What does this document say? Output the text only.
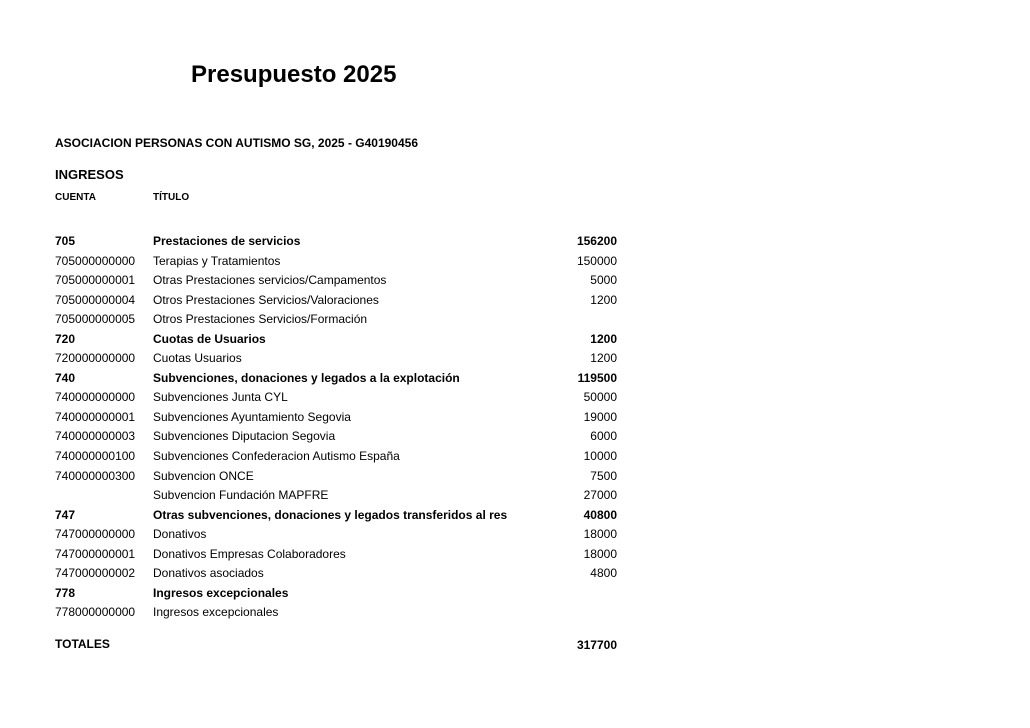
Presupuesto 2025
ASOCIACION PERSONAS CON AUTISMO SG, 2025 - G40190456
INGRESOS
CUENTA	TÍTULO
705	Prestaciones de servicios	156200
705000000000 Terapias y Tratamientos	150000
705000000001 Otras Prestaciones servicios/Campamentos	5000
705000000004 Otros Prestaciones Servicios/Valoraciones	1200
705000000005 Otros Prestaciones Servicios/Formación
720	Cuotas de Usuarios	1200
720000000000 Cuotas Usuarios	1200
740	Subvenciones, donaciones y legados a la explotación	119500
740000000000 Subvenciones Junta CYL	50000
740000000001 Subvenciones Ayuntamiento Segovia	19000
740000000003 Subvenciones Diputacion Segovia	6000
740000000100 Subvenciones Confederacion Autismo España	10000
740000000300 Subvencion ONCE	7500
Subvencion Fundación MAPFRE	27000
747	Otras subvenciones, donaciones y legados transferidos al res	40800
747000000000 Donativos	18000
747000000001 Donativos Empresas Colaboradores	18000
747000000002 Donativos asociados	4800
778	Ingresos excepcionales
778000000000 Ingresos excepcionales
TOTALES	317700
